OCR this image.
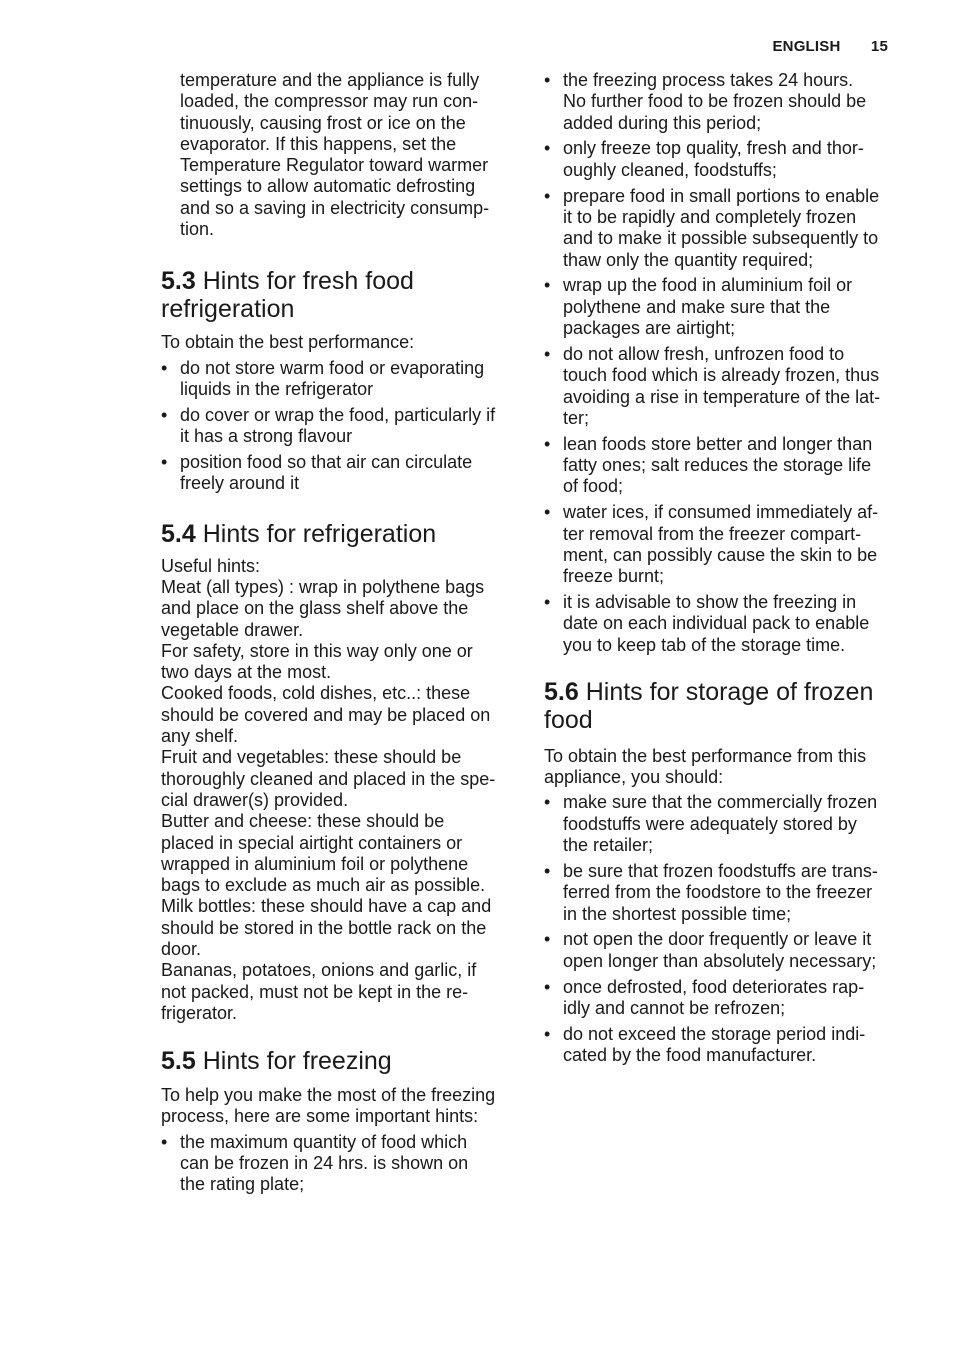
ENGLISH 15

temperature and the appliance is fully
loaded, the compressor may run con-
tinuously, causing frost or ice on the
evaporator. If this happens, set the
Temperature Regulator toward warmer
settings to allow automatic defrosting
and so a saving in electricity consump-
tion.

5.3 Hints for fresh food
refrigeration

To obtain the best performance:

• do not store warm food or evaporating
liquids in the refrigerator
• do cover or wrap the food, particularly if
it has a strong flavour
• position food so that air can circulate
freely around it
5.4 Hints for refrigeration

Useful hints:
Meat (all types) : wrap in polythene bags
and place on the glass shelf above the
vegetable drawer.
For safety, store in this way only one or
two days at the most.
Cooked foods, cold dishes, etc..: these
should be covered and may be placed on
any shelf.
Fruit and vegetables: these should be
thoroughly cleaned and placed in the spe-
cial drawer(s) provided.
Butter and cheese: these should be
placed in special airtight containers or
wrapped in aluminium foil or polythene
bags to exclude as much air as possible.
Milk bottles: these should have a cap and
should be stored in the bottle rack on the
door.
Bananas, potatoes, onions and garlic, if
not packed, must not be kept in the re-
frigerator.

5.5 Hints for freezing

To help you make the most of the freezing
process, here are some important hints:

• the maximum quantity of food which
can be frozen in 24 hrs. is shown on
the rating plate;
• the freezing process takes 24 hours.
No further food to be frozen should be
added during this period;
• only freeze top quality, fresh and thor-
oughly cleaned, foodstuffs;
• prepare food in small portions to enable
it to be rapidly and completely frozen
and to make it possible subsequently to
thaw only the quantity required;
• wrap up the food in aluminium foil or
polythene and make sure that the
packages are airtight;
• do not allow fresh, unfrozen food to
touch food which is already frozen, thus
avoiding a rise in temperature of the lat-
ter;
• lean foods store better and longer than
fatty ones; salt reduces the storage life
of food;
• water ices, if consumed immediately af-
ter removal from the freezer compart-
ment, can possibly cause the skin to be
freeze burnt;
• it is advisable to show the freezing in
date on each individual pack to enable
you to keep tab of the storage time.
5.6 Hints for storage of frozen
food

To obtain the best performance from this
appliance, you should:

• make sure that the commercially frozen
foodstuffs were adequately stored by
the retailer;
• be sure that frozen foodstuffs are trans-
ferred from the foodstore to the freezer
in the shortest possible time;
• not open the door frequently or leave it
open longer than absolutely necessary;
• once defrosted, food deteriorates rap-
idly and cannot be refrozen;
• do not exceed the storage period indi-
cated by the food manufacturer.
